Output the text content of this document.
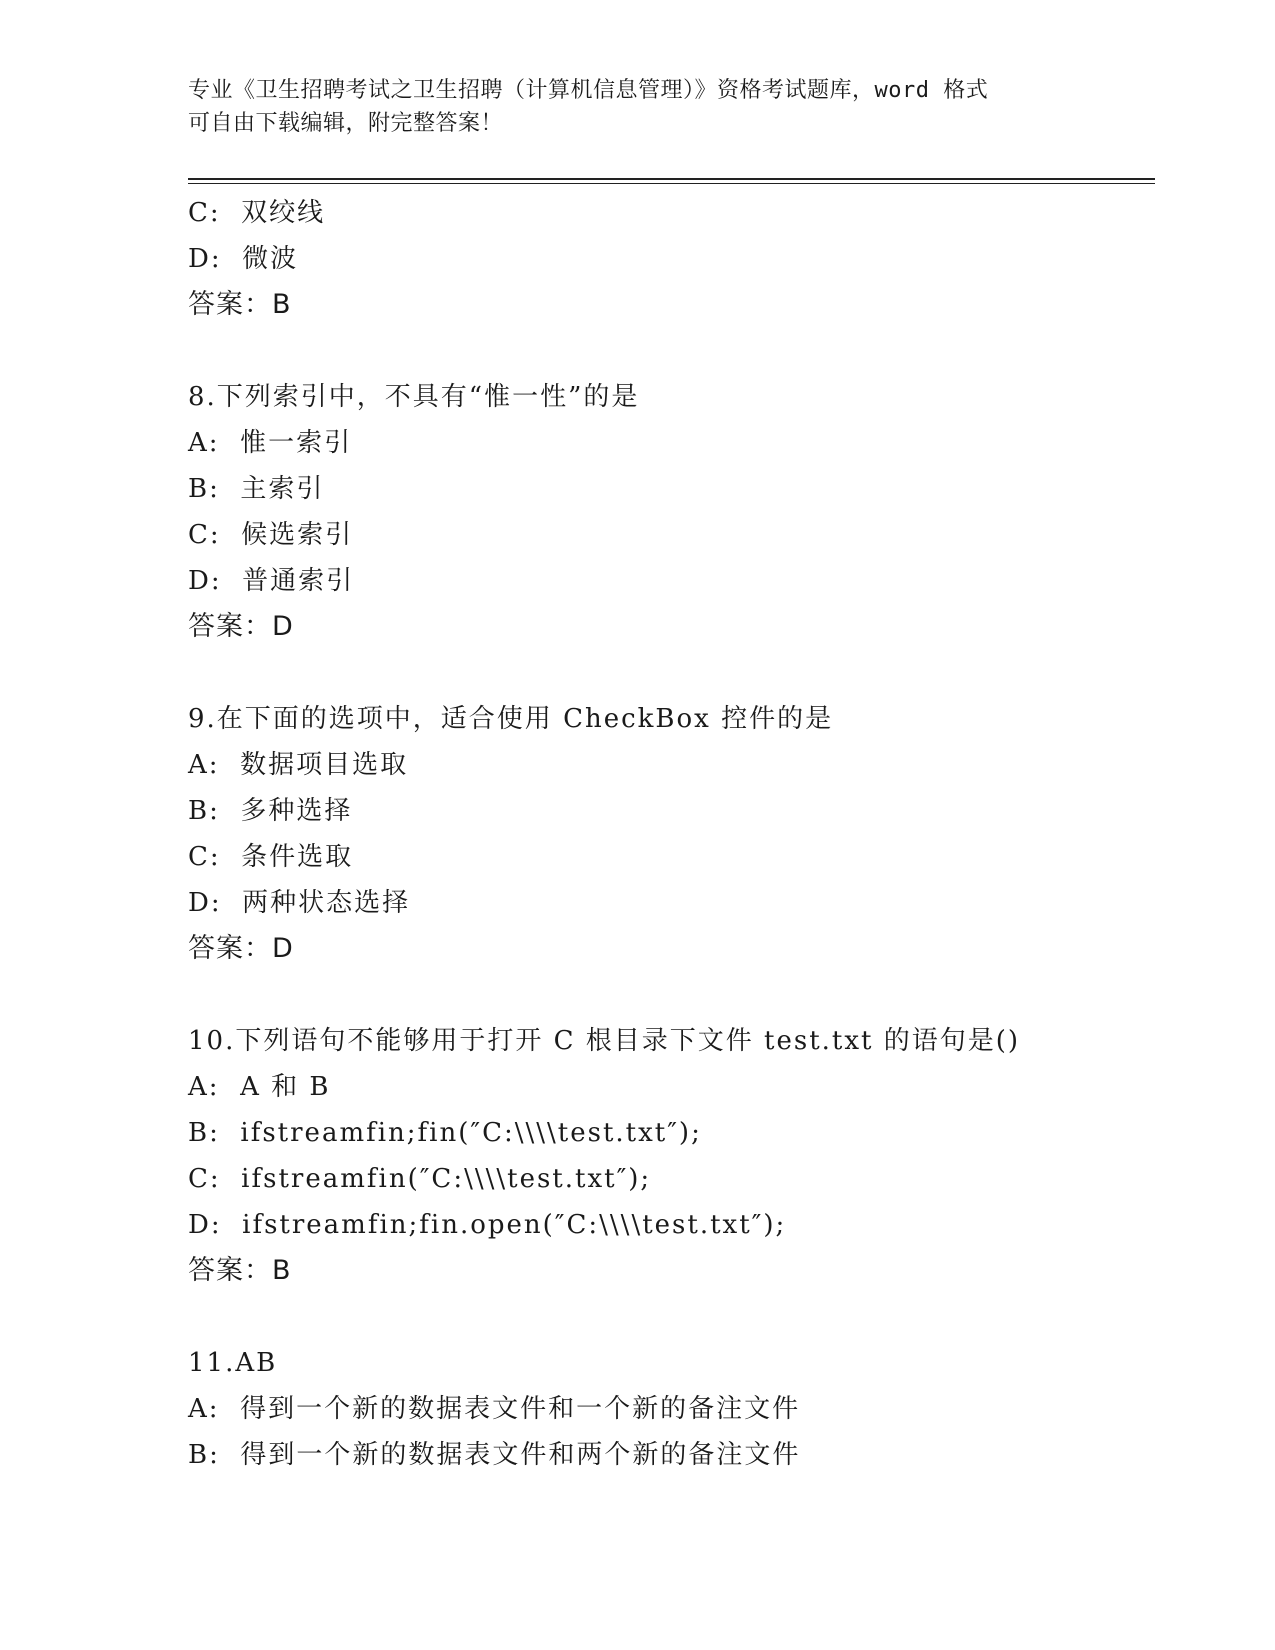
专业《卫生招聘考试之卫生招聘（计算机信息管理）》资格考试题库，word 格式
可自由下载编辑，附完整答案！
C:  双绞线
D:  微波
答案：B
8.下列索引中，不具有“惟一性”的是
A:  惟一索引
B:  主索引
C:  候选索引
D:  普通索引
答案：D
9.在下面的选项中，适合使用 CheckBox 控件的是
A:  数据项目选取
B:  多种选择
C:  条件选取
D:  两种状态选择
答案：D
10.下列语句不能够用于打开 C 根目录下文件 test.txt 的语句是()
A:  A 和 B
B:  ifstreamfin;fin(″C:\\\\test.txt″);
C:  ifstreamfin(″C:\\\\test.txt″);
D:  ifstreamfin;fin.open(″C:\\\\test.txt″);
答案：B
11.AB
A:  得到一个新的数据表文件和一个新的备注文件
B:  得到一个新的数据表文件和两个新的备注文件
